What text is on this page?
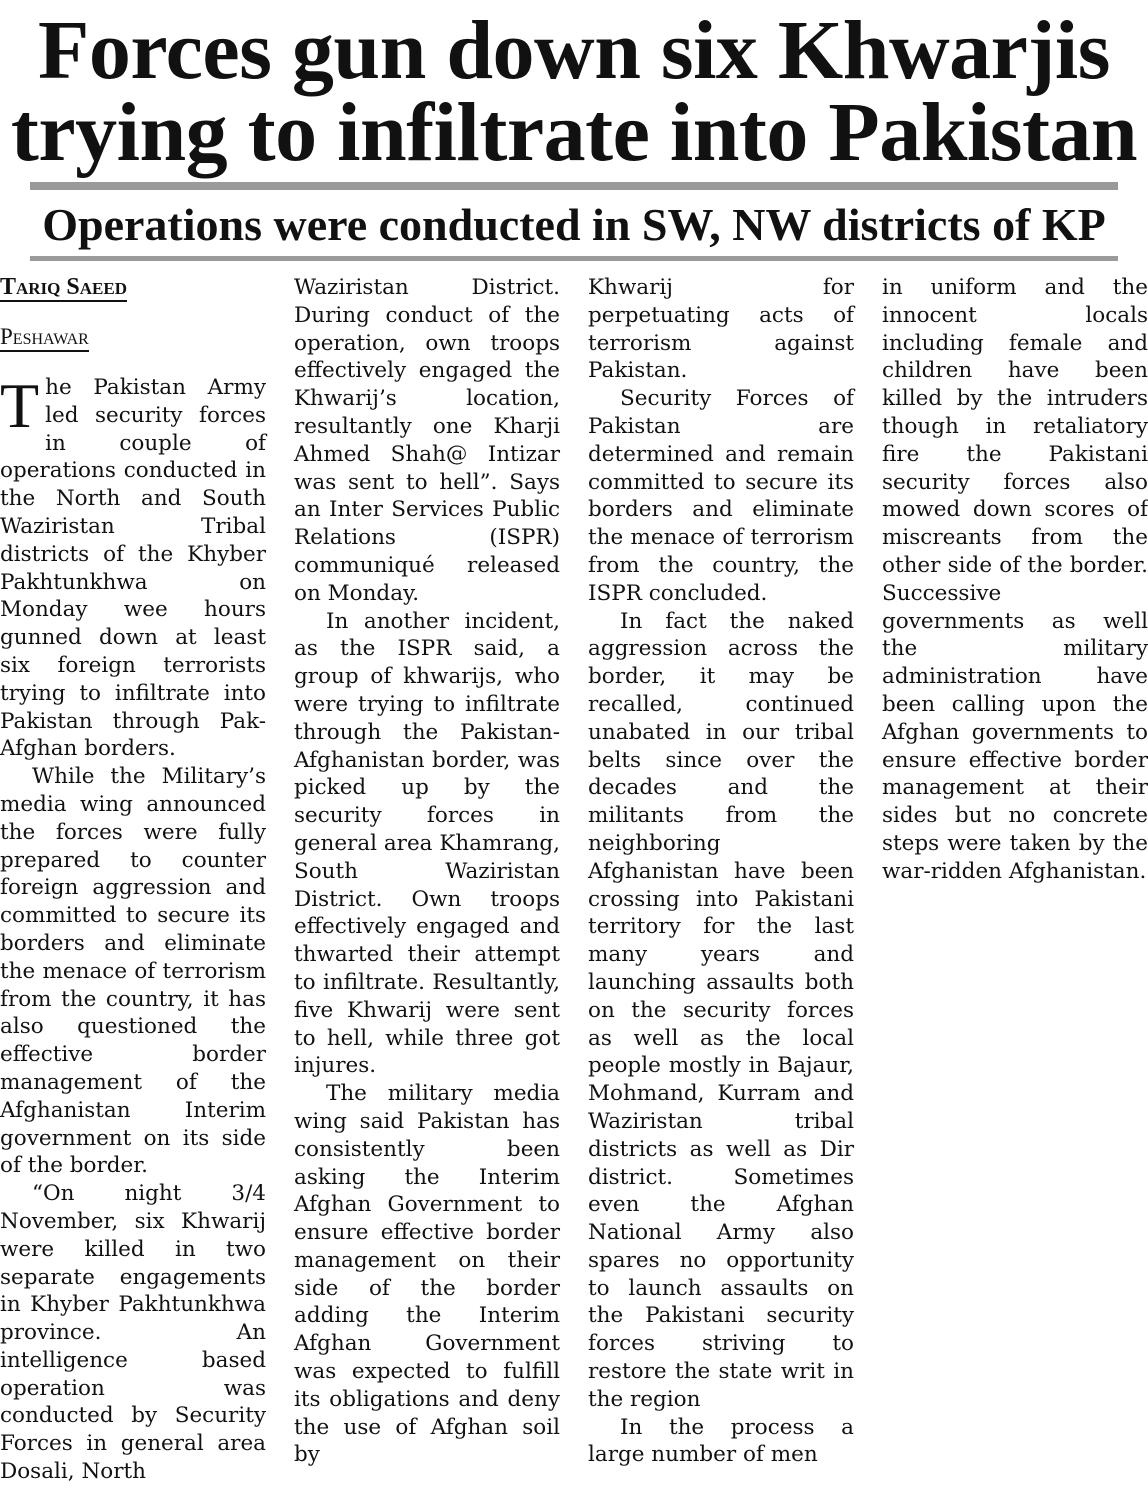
Forces gun down six Khwarjis
trying to infiltrate into Pakistan
Operations were conducted in SW, NW districts of KP
Tariq Saeed
Peshawar

The Pakistan Army led security forces in couple of operations conducted in the North and South Waziristan Tribal districts of the Khyber Pakhtunkhwa on Monday wee hours gunned down at least six foreign terrorists trying to infiltrate into Pakistan through Pak-Afghan borders.

While the Military’s media wing announced the forces were fully prepared to counter foreign aggression and committed to secure its borders and eliminate the menace of terrorism from the country, it has also questioned the effective border management of the Afghanistan Interim government on its side of the border.

“On night 3/4 November, six Khwarij were killed in two separate engagements in Khyber Pakhtunkhwa province. An intelligence based operation was conducted by Security Forces in general area Dosali, North

Waziristan District. During conduct of the operation, own troops effectively engaged the Khwarij’s location, resultantly one Kharji Ahmed Shah@ Intizar was sent to hell”. Says an Inter Services Public Relations (ISPR) communiqué released on Monday.

In another incident, as the ISPR said, a group of khwarijs, who were trying to infiltrate through the Pakistan-Afghanistan border, was picked up by the security forces in general area Khamrang, South Waziristan District. Own troops effectively engaged and thwarted their attempt to infiltrate. Resultantly, five Khwarij were sent to hell, while three got injures.

The military media wing said Pakistan has consistently been asking the Interim Afghan Government to ensure effective border management on their side of the border adding the Interim Afghan Government was expected to fulfill its obligations and deny the use of Afghan soil by

Khwarij for perpetuating acts of terrorism against Pakistan.

Security Forces of Pakistan are determined and remain committed to secure its borders and eliminate the menace of terrorism from the country, the ISPR concluded.

In fact the naked aggression across the border, it may be recalled, continued unabated in our tribal belts since over the decades and the militants from the neighboring Afghanistan have been crossing into Pakistani territory for the last many years and launching assaults both on the security forces as well as the local people mostly in Bajaur, Mohmand, Kurram and Waziristan tribal districts as well as Dir district. Sometimes even the Afghan National Army also spares no opportunity to launch assaults on the Pakistani security forces striving to restore the state writ in the region

In the process a large number of men

in uniform and the innocent locals including female and children have been killed by the intruders though in retaliatory fire the Pakistani security forces also mowed down scores of miscreants from the other side of the border. Successive governments as well the military administration have been calling upon the Afghan governments to ensure effective border management at their sides but no concrete steps were taken by the war-ridden Afghanistan.
